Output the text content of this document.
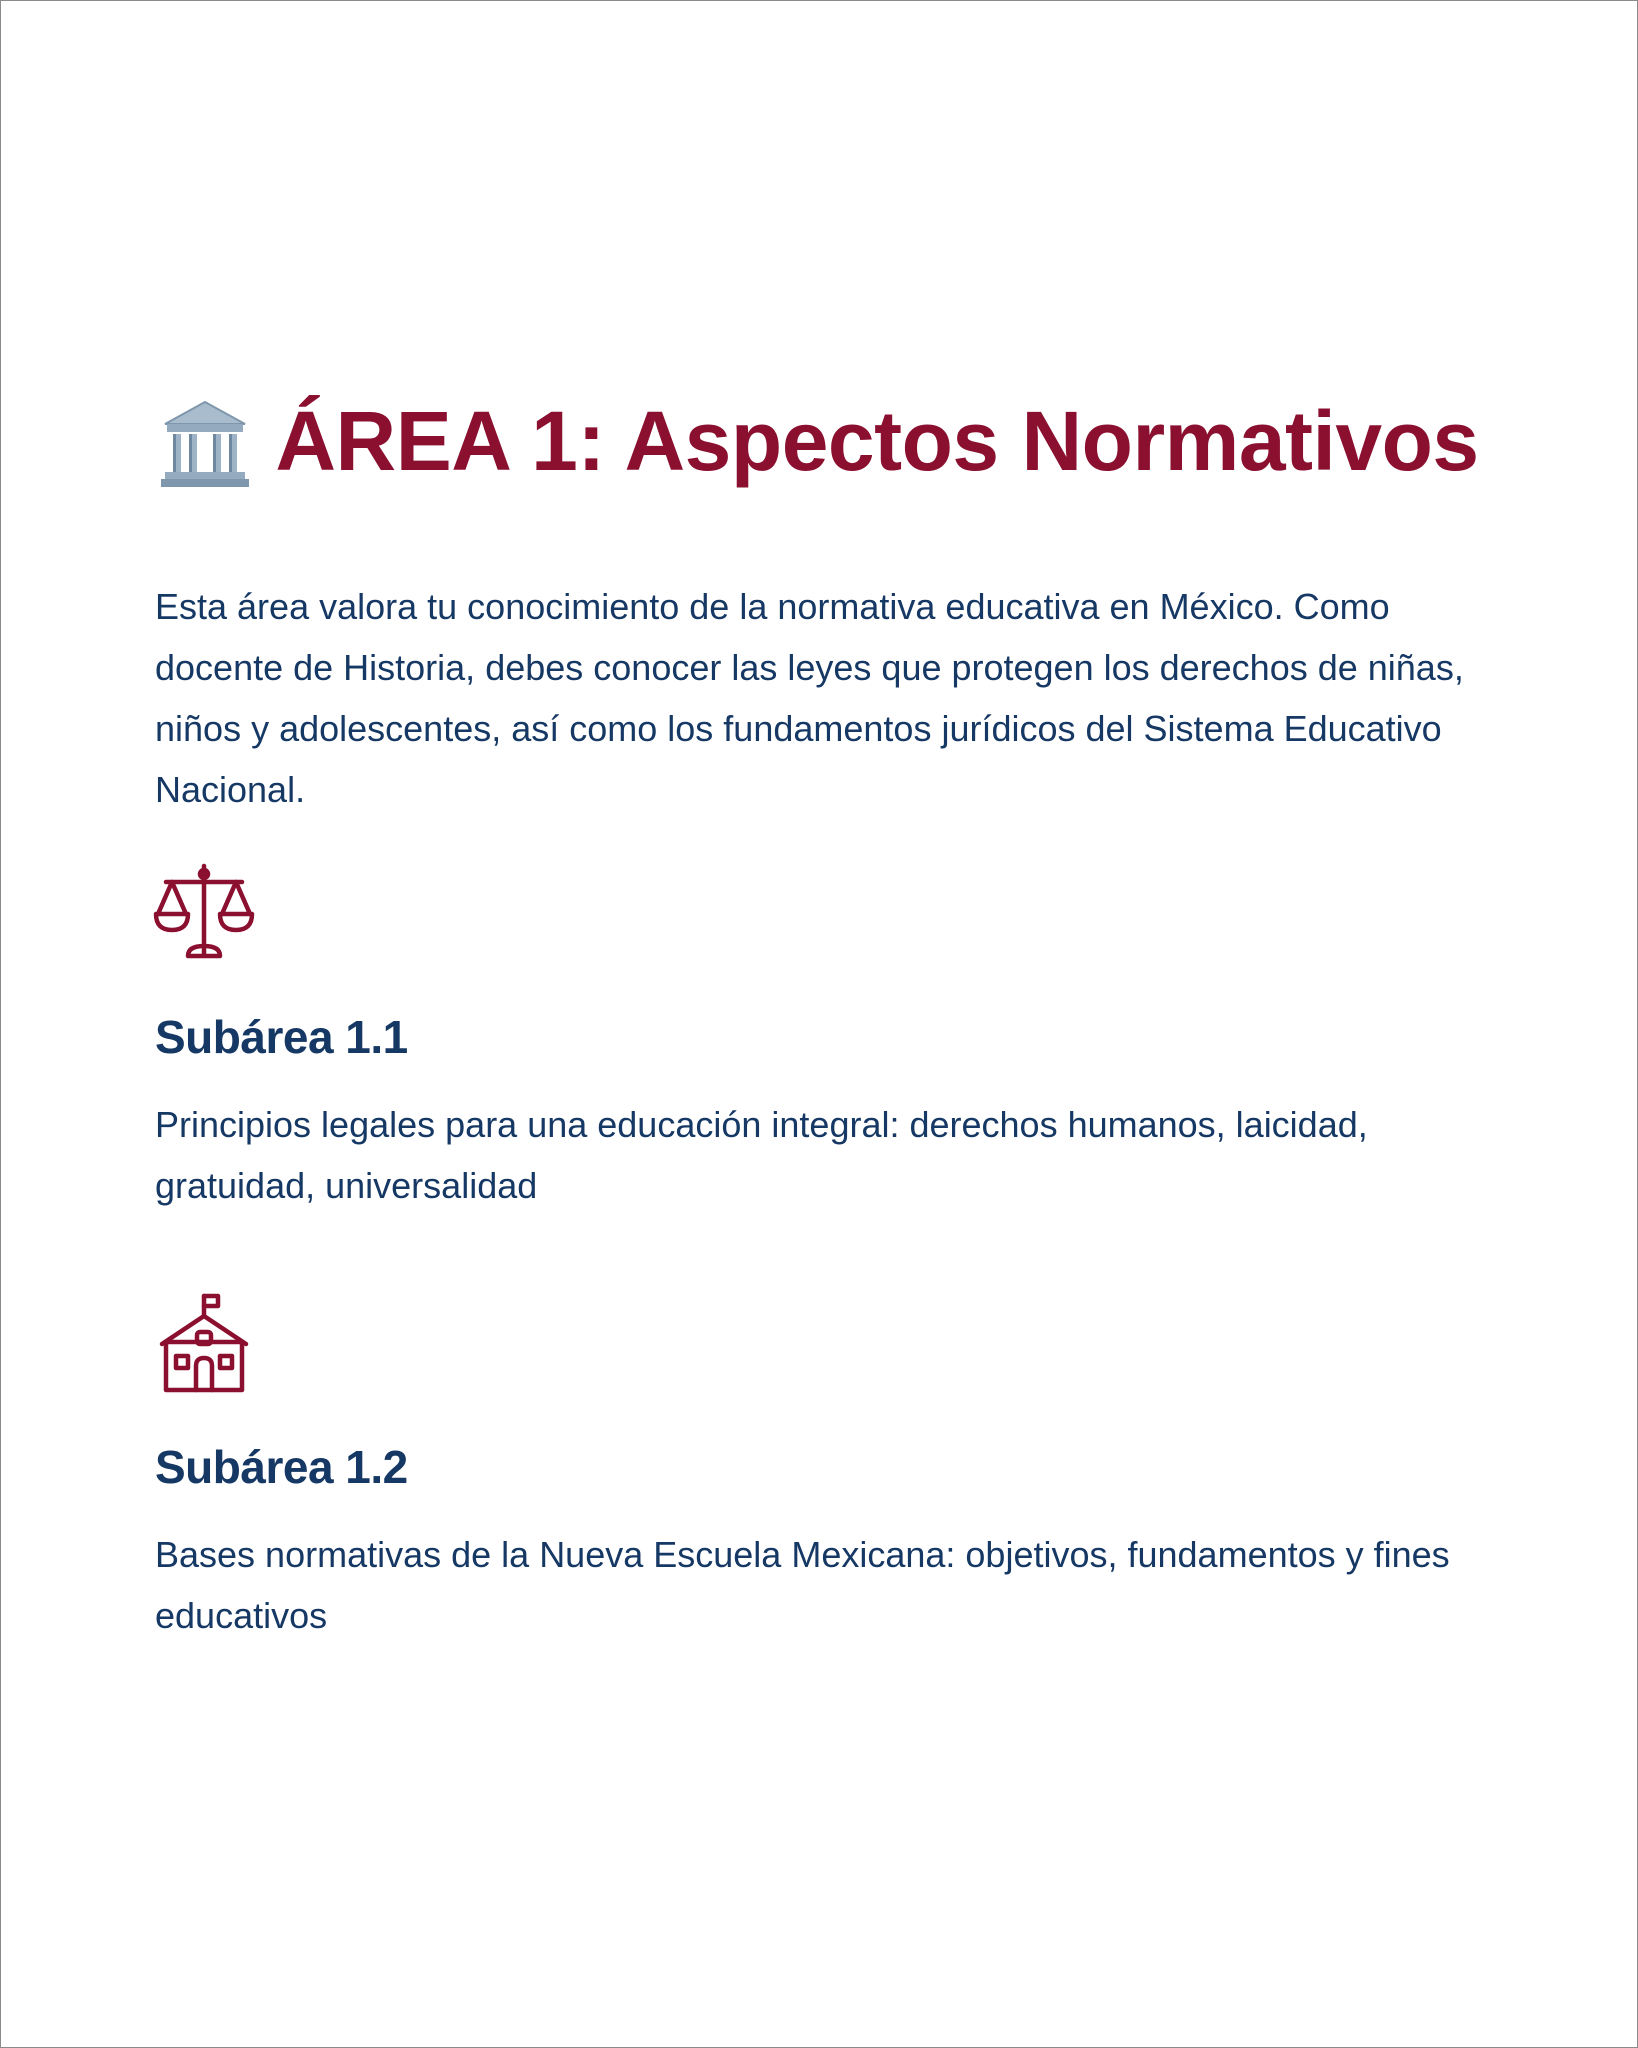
ÁREA 1: Aspectos Normativos

Esta área valora tu conocimiento de la normativa educativa en México. Como docente de Historia, debes conocer las leyes que protegen los derechos de niñas, niños y adolescentes, así como los fundamentos jurídicos del Sistema Educativo Nacional.

Subárea 1.1

Principios legales para una educación integral: derechos humanos, laicidad, gratuidad, universalidad

Subárea 1.2

Bases normativas de la Nueva Escuela Mexicana: objetivos, fundamentos y fines educativos
